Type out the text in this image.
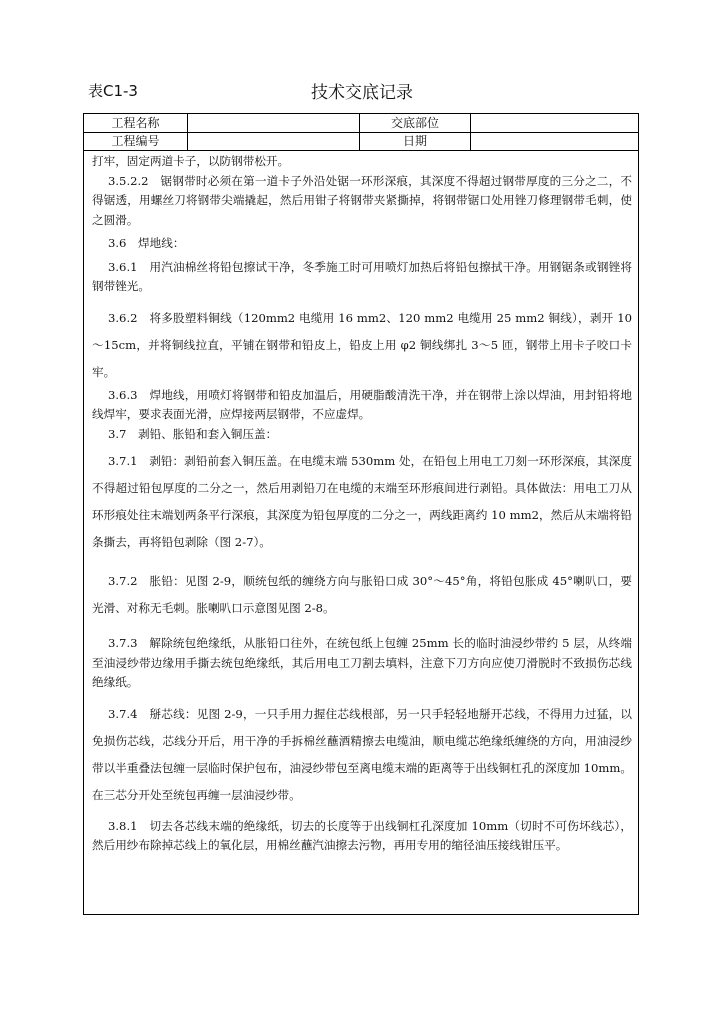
表C1-3	技术交底记录
工程名称	交底部位
工程编号	日期

打牢，固定两道卡子，以防钢带松开。

3.5.2.2　锯钢带时必须在第一道卡子外沿处锯一环形深痕，其深度不得超过钢带厚度的三分之二，不得锯透，用螺丝刀将钢带尖端撬起，然后用钳子将钢带夹紧撕掉，将钢带锯口处用锉刀修理钢带毛刺，使之圆滑。

3.6　焊地线：

3.6.1　用汽油棉丝将铅包擦试干净，冬季施工时可用喷灯加热后将铅包擦拭干净。用钢锯条或钢锉将钢带锉光。

3.6.2　将多股塑料铜线（120mm2 电缆用 16 mm2、120 mm2 电缆用 25 mm2 铜线），剥开 10～15cm，并将铜线拉直，平铺在钢带和铅皮上，铅皮上用 φ2 铜线绑扎 3～5 匝，钢带上用卡子咬口卡牢。

3.6.3　焊地线，用喷灯将钢带和铅皮加温后，用硬脂酸清洗干净，并在钢带上涂以焊油，用封铅将地线焊牢，要求表面光滑，应焊接两层钢带，不应虚焊。

3.7　剥铅、胀铅和套入铜压盖：

3.7.1　剥铅：剥铅前套入铜压盖。在电缆末端 530mm 处，在铅包上用电工刀刻一环形深痕，其深度不得超过铅包厚度的二分之一，然后用剥铅刀在电缆的末端至环形痕间进行剥铅。具体做法：用电工刀从环形痕处往末端划两条平行深痕，其深度为铅包厚度的二分之一，两线距离约 10 mm2，然后从末端将铅条撕去，再将铅包剥除（图 2-7）。

3.7.2　胀铅：见图 2-9，顺统包纸的缠绕方向与胀铅口成 30°～45°角，将铅包胀成 45°喇叭口，要光滑、对称无毛刺。胀喇叭口示意图见图 2-8。

3.7.3　解除统包绝缘纸，从胀铅口往外，在统包纸上包缠 25mm 长的临时油浸纱带约 5 层，从终端至油浸纱带边缘用手撕去统包绝缘纸，其后用电工刀割去填料，注意下刀方向应使刀滑脱时不致损伤芯线绝缘纸。

3.7.4　掰芯线：见图 2-9，一只手用力握住芯线根部，另一只手轻轻地掰开芯线，不得用力过猛，以免损伤芯线，芯线分开后，用干净的手拆棉丝蘸酒精擦去电缆油，顺电缆芯绝缘纸缠绕的方向，用油浸纱带以半重叠法包缠一层临时保护包布，油浸纱带包至离电缆末端的距离等于出线铜杠孔的深度加 10mm。在三芯分开处至统包再缠一层油浸纱带。

3.8.1　切去各芯线末端的绝缘纸，切去的长度等于出线铜杠孔深度加 10mm（切时不可伤坏线芯），然后用纱布除掉芯线上的氧化层，用棉丝蘸汽油擦去污物，再用专用的缩径油压接线钳压平。
